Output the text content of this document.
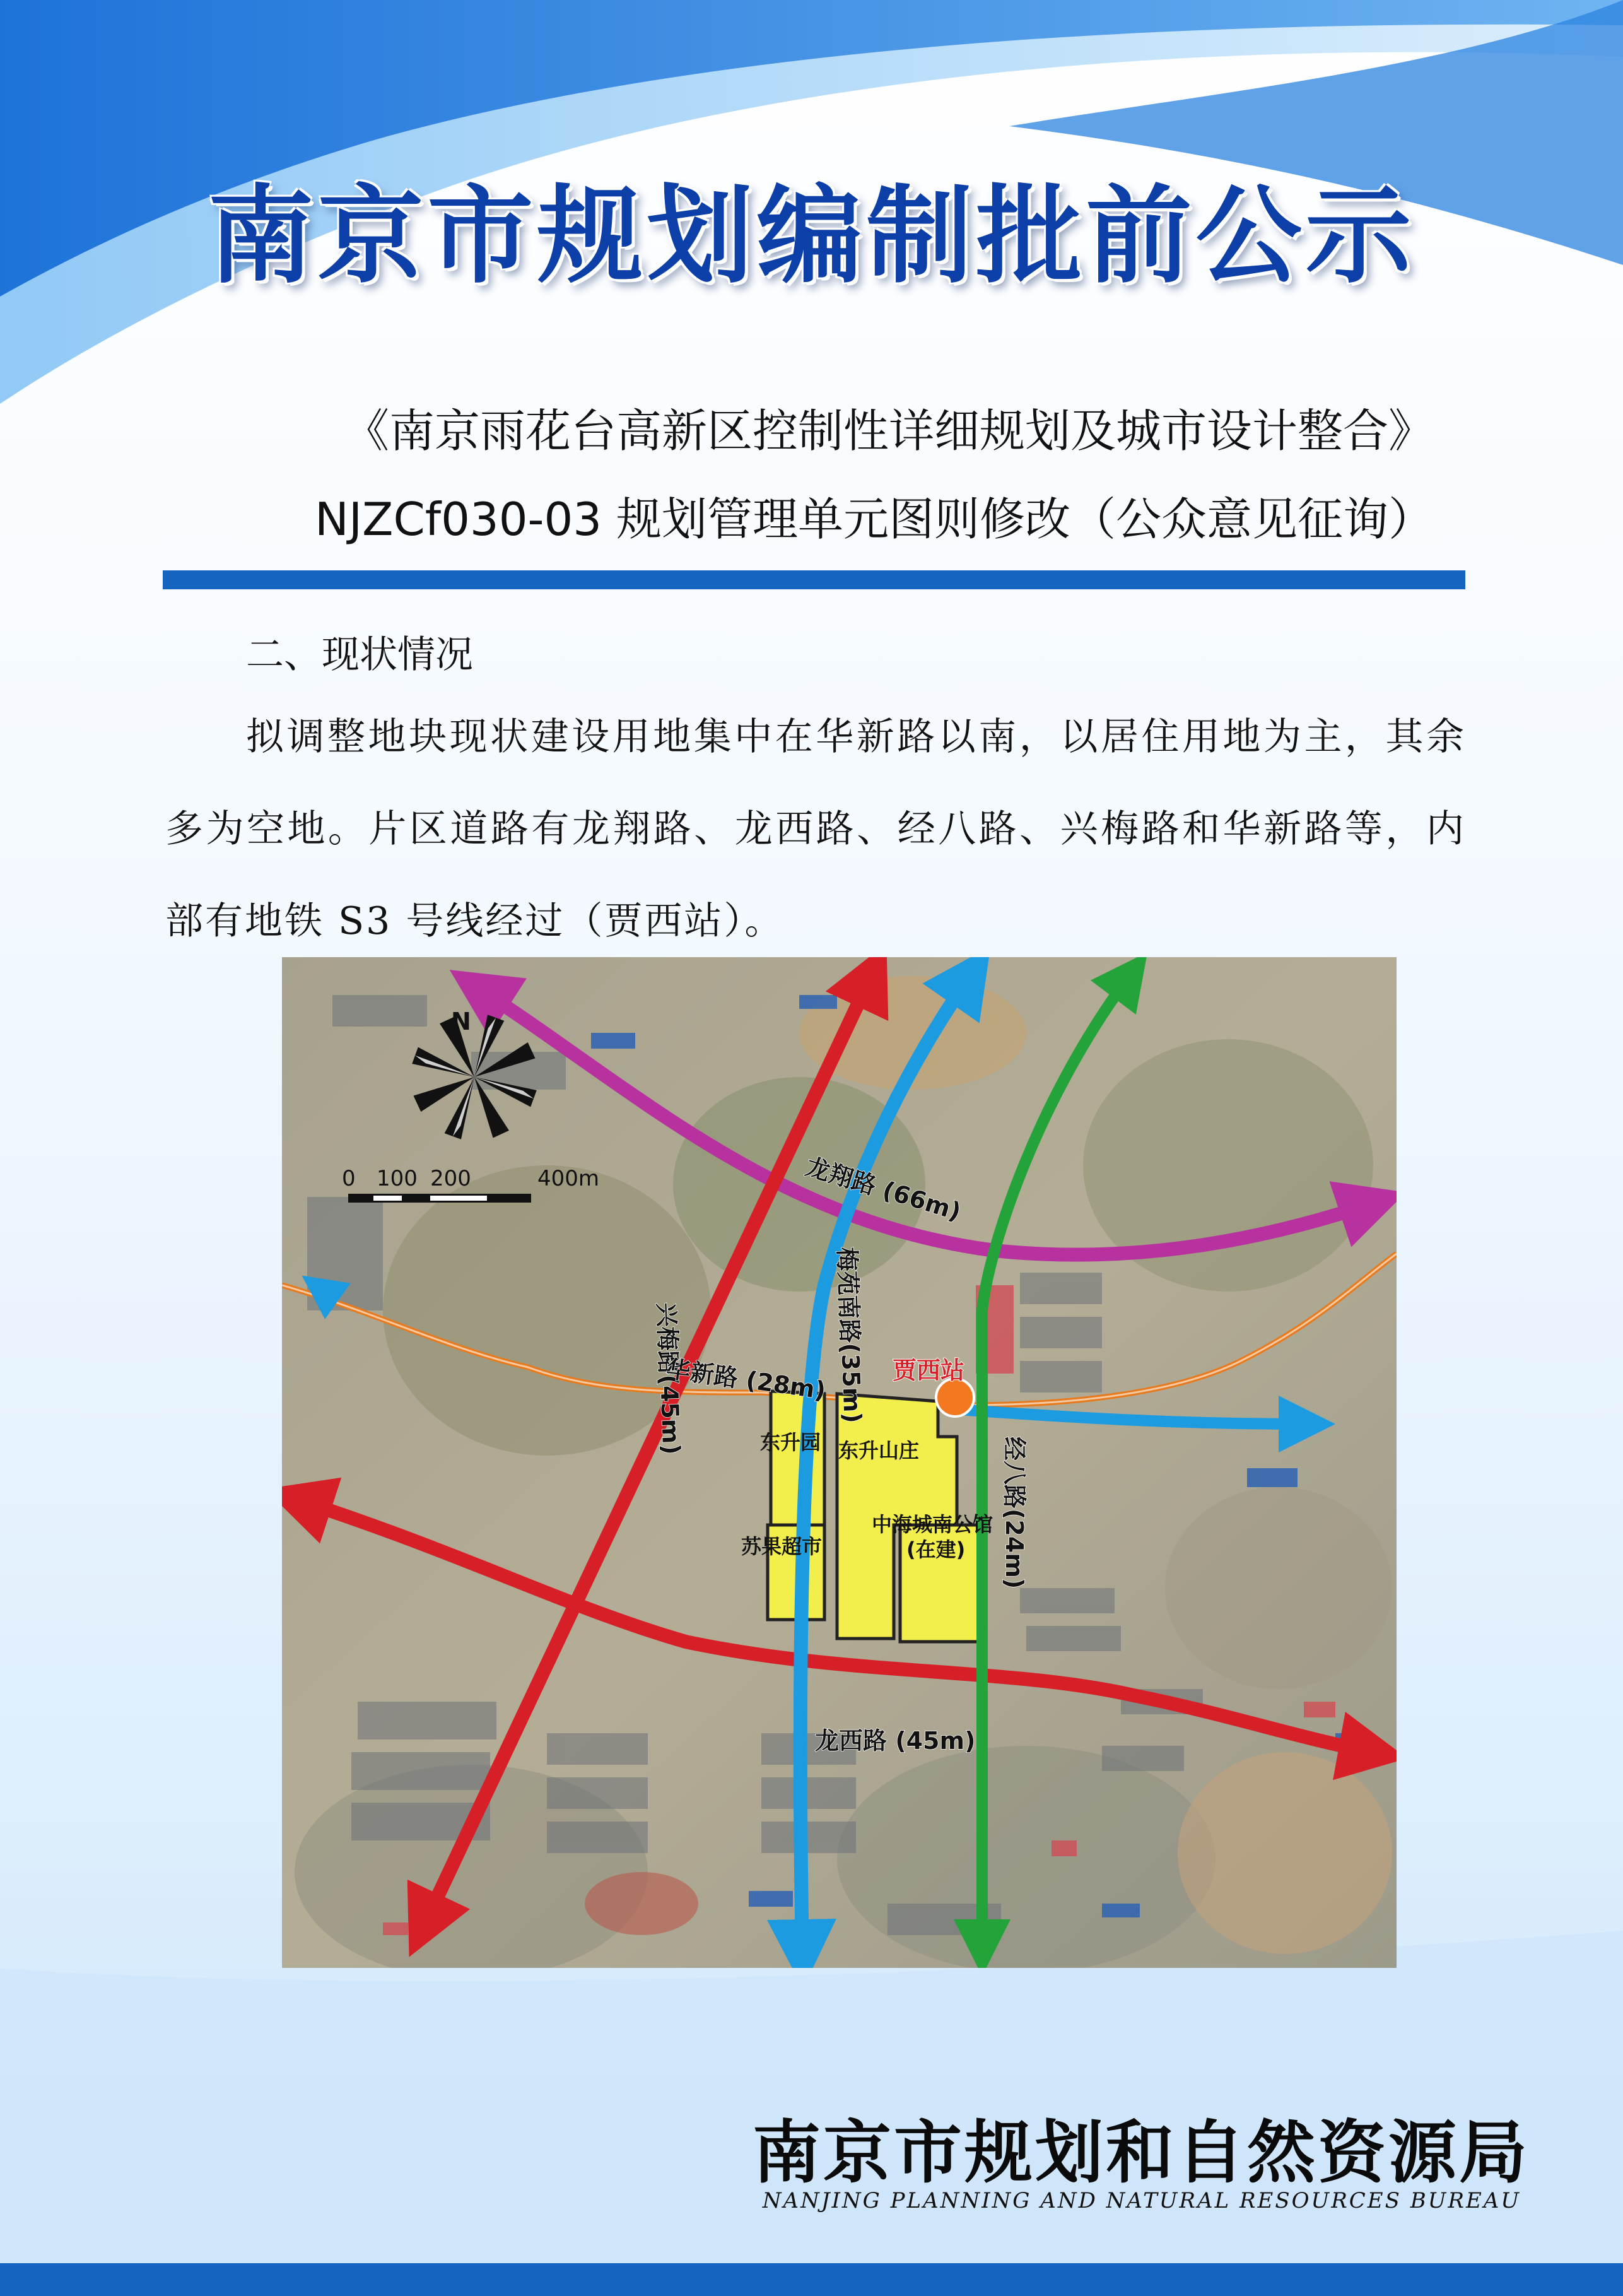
南京市规划编制批前公示
《南京雨花台高新区控制性详细规划及城市设计整合》
NJZCf030-03 规划管理单元图则修改（公众意见征询）
二、现状情况
拟调整地块现状建设用地集中在华新路以南，以居住用地为主，其余多为空地。片区道路有龙翔路、龙西路、经八路、兴梅路和华新路等，内部有地铁 S3 号线经过（贾西站）。
N
0 100 200	400m	龙翔路 (66m)
梅苑南路(35m)
兴梅路(45m)
华新路 (28m)
经八路(24m)
龙西路 (45m)
贾西站
东升园 东升山庄
苏果超市
中海城南公馆
(在建)
南京市规划和自然资源局
NANJING PLANNING AND NATURAL RESOURCES BUREAU
